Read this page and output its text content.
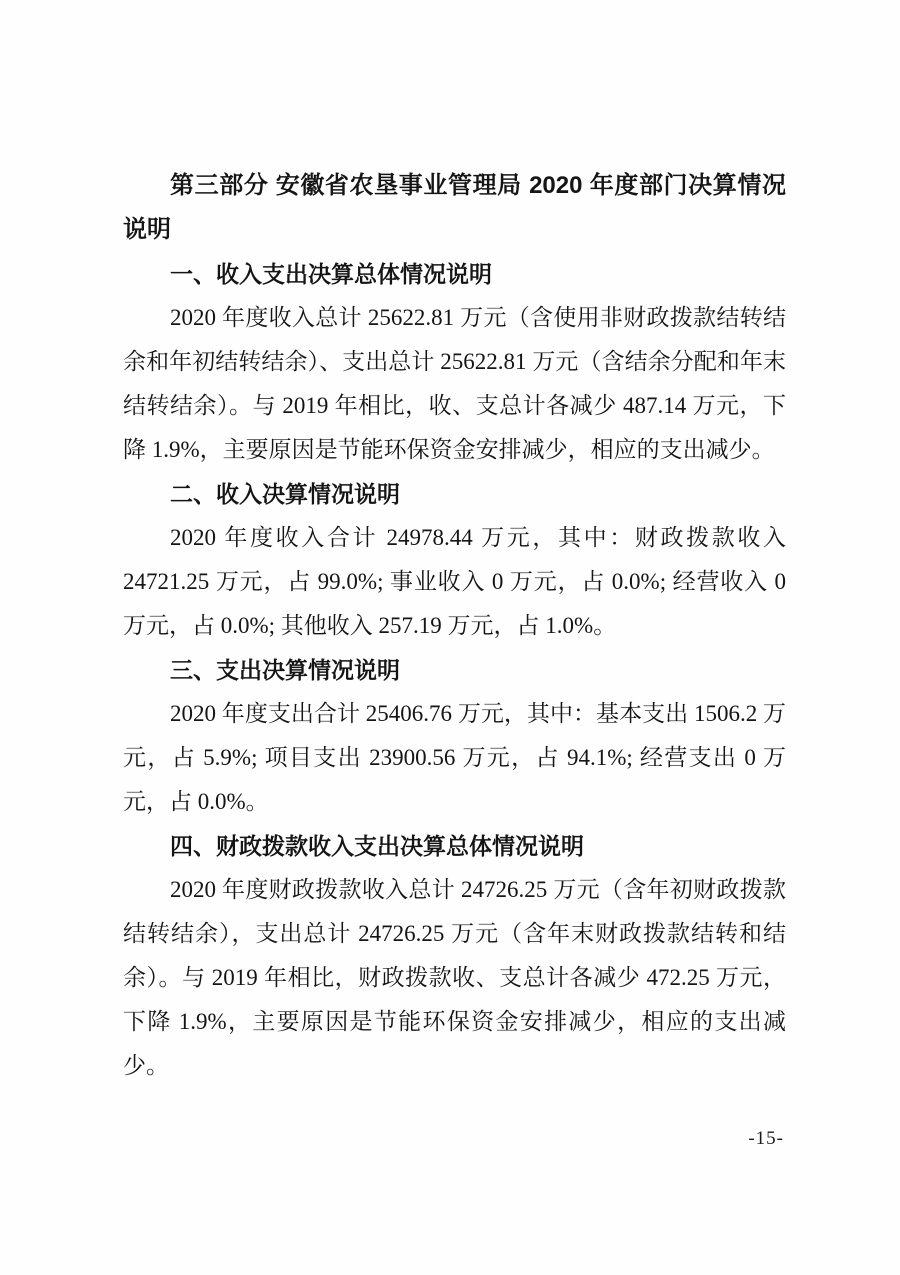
第三部分 安徽省农垦事业管理局 2020 年度部门决算情况说明

一、收入支出决算总体情况说明

2020 年度收入总计 25622.81 万元（含使用非财政拨款结转结余和年初结转结余）、支出总计 25622.81 万元（含结余分配和年末结转结余）。与 2019 年相比，收、支总计各减少 487.14 万元，下降 1.9%，主要原因是节能环保资金安排减少，相应的支出减少。

二、收入决算情况说明

2020 年度收入合计 24978.44 万元，其中：财政拨款收入 24721.25 万元，占 99.0%; 事业收入 0 万元，占 0.0%; 经营收入 0 万元，占 0.0%; 其他收入 257.19 万元，占 1.0%。

三、支出决算情况说明

2020 年度支出合计 25406.76 万元，其中：基本支出 1506.2 万元，占 5.9%; 项目支出 23900.56 万元，占 94.1%; 经营支出 0 万元，占 0.0%。

四、财政拨款收入支出决算总体情况说明

2020 年度财政拨款收入总计 24726.25 万元（含年初财政拨款结转结余），支出总计 24726.25 万元（含年末财政拨款结转和结余）。与 2019 年相比，财政拨款收、支总计各减少 472.25 万元，下降 1.9%，主要原因是节能环保资金安排减少，相应的支出减少。

-15-
